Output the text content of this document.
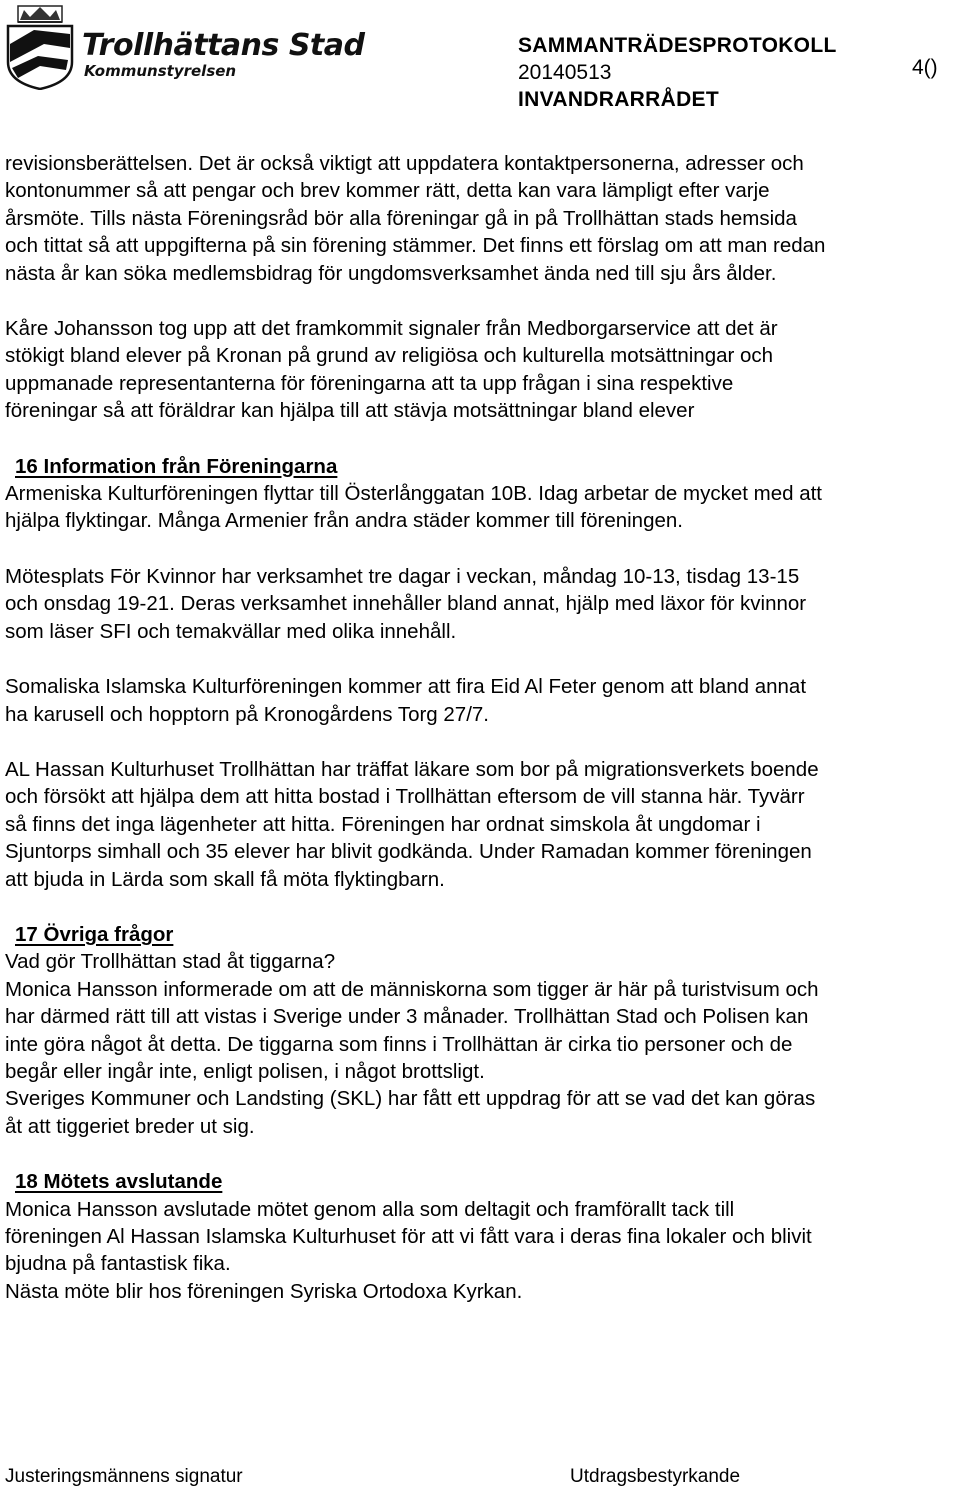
Trollhättans Stad
Kommunstyrelsen
SAMMANTRÄDESPROTOKOLL
20140513
INVANDRARRÅDET
4()

revisionsberättelsen. Det är också viktigt att uppdatera kontaktpersonerna, adresser och
kontonummer så att pengar och brev kommer rätt, detta kan vara lämpligt efter varje
årsmöte. Tills nästa Föreningsråd bör alla föreningar gå in på Trollhättan stads hemsida
och tittat så att uppgifterna på sin förening stämmer. Det finns ett förslag om att man redan
nästa år kan söka medlemsbidrag för ungdomsverksamhet ända ned till sju års ålder.

Kåre Johansson tog upp att det framkommit signaler från Medborgarservice att det är
stökigt bland elever på Kronan på grund av religiösa och kulturella motsättningar och
uppmanade representanterna för föreningarna att ta upp frågan i sina respektive
föreningar så att föräldrar kan hjälpa till att stävja motsättningar bland elever

16 Information från Föreningarna

Armeniska Kulturföreningen flyttar till Österlånggatan 10B. Idag arbetar de mycket med att
hjälpa flyktingar. Många Armenier från andra städer kommer till föreningen.

Mötesplats För Kvinnor har verksamhet tre dagar i veckan, måndag 10-13, tisdag 13-15
och onsdag 19-21. Deras verksamhet innehåller bland annat, hjälp med läxor för kvinnor
som läser SFI och temakvällar med olika innehåll.

Somaliska Islamska Kulturföreningen kommer att fira Eid Al Feter genom att bland annat
ha karusell och hopptorn på Kronogårdens Torg 27/7.

AL Hassan Kulturhuset Trollhättan har träffat läkare som bor på migrationsverkets boende
och försökt att hjälpa dem att hitta bostad i Trollhättan eftersom de vill stanna här. Tyvärr
så finns det inga lägenheter att hitta. Föreningen har ordnat simskola åt ungdomar i
Sjuntorps simhall och 35 elever har blivit godkända. Under Ramadan kommer föreningen
att bjuda in Lärda som skall få möta flyktingbarn.

17 Övriga frågor

Vad gör Trollhättan stad åt tiggarna?
Monica Hansson informerade om att de människorna som tigger är här på turistvisum och
har därmed rätt till att vistas i Sverige under 3 månader. Trollhättan Stad och Polisen kan
inte göra något åt detta. De tiggarna som finns i Trollhättan är cirka tio personer och de
begår eller ingår inte, enligt polisen, i något brottsligt.
Sveriges Kommuner och Landsting (SKL) har fått ett uppdrag för att se vad det kan göras
åt att tiggeriet breder ut sig.

18 Mötets avslutande

Monica Hansson avslutade mötet genom alla som deltagit och framförallt tack till
föreningen Al Hassan Islamska Kulturhuset för att vi fått vara i deras fina lokaler och blivit
bjudna på fantastisk fika.
Nästa möte blir hos föreningen Syriska Ortodoxa Kyrkan.

Justeringsmännens signatur	Utdragsbestyrkande
